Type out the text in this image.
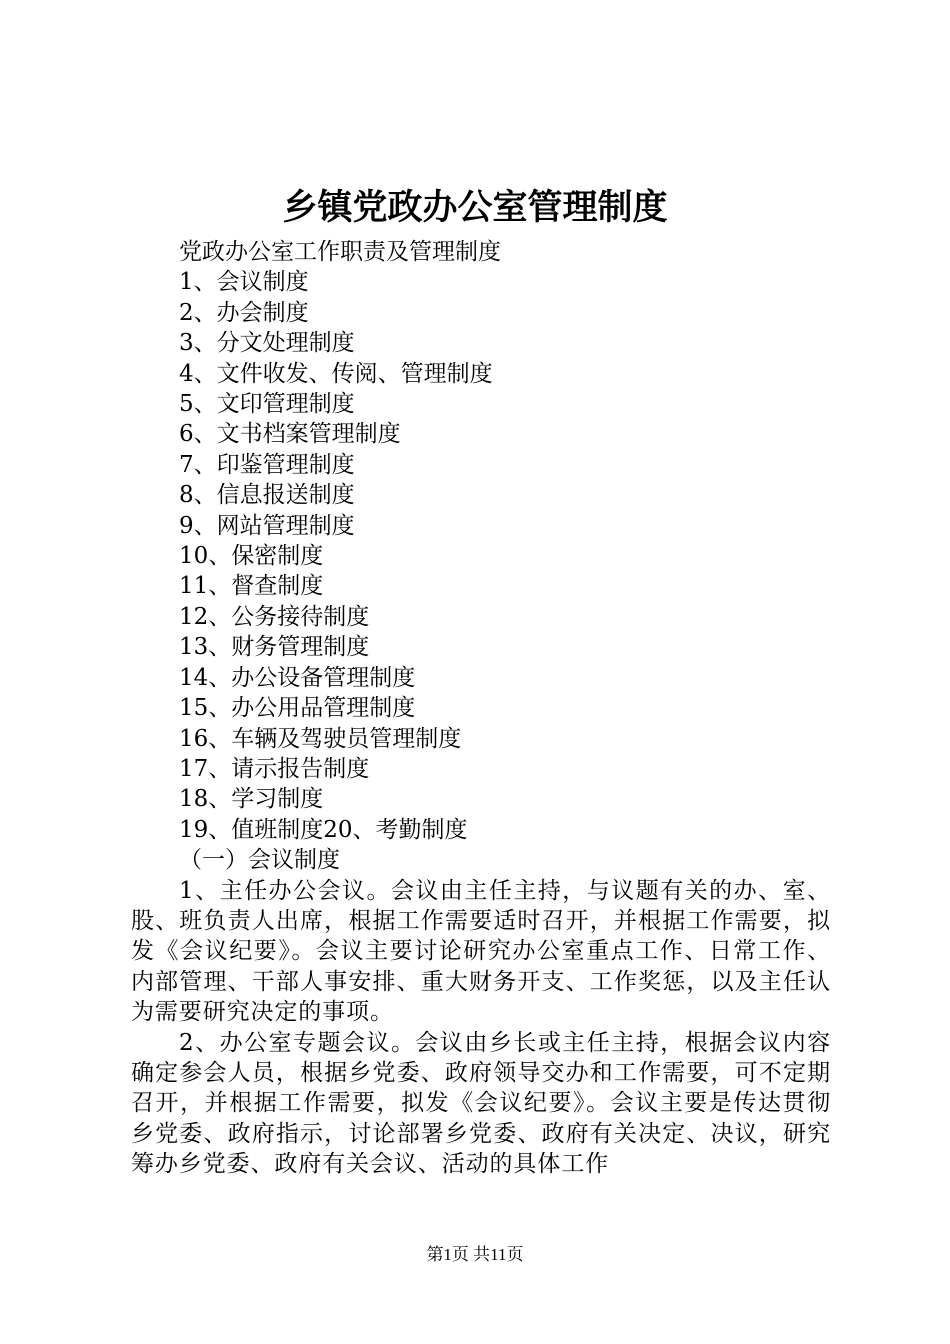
乡镇党政办公室管理制度

党政办公室工作职责及管理制度

1、会议制度

2、办会制度

3、分文处理制度

4、文件收发、传阅、管理制度

5、文印管理制度

6、文书档案管理制度

7、印鉴管理制度

8、信息报送制度

9、网站管理制度

10、保密制度

11、督查制度

12、公务接待制度

13、财务管理制度

14、办公设备管理制度

15、办公用品管理制度

16、车辆及驾驶员管理制度

17、请示报告制度

18、学习制度

19、值班制度20、考勤制度

（一）会议制度

1、主任办公会议。会议由主任主持，与议题有关的办、室、股、班负责人出席，根据工作需要适时召开，并根据工作需要，拟发《会议纪要》。会议主要讨论研究办公室重点工作、日常工作、内部管理、干部人事安排、重大财务开支、工作奖惩，以及主任认为需要研究决定的事项。

2、办公室专题会议。会议由乡长或主任主持，根据会议内容确定参会人员，根据乡党委、政府领导交办和工作需要，可不定期召开，并根据工作需要，拟发《会议纪要》。会议主要是传达贯彻乡党委、政府指示，讨论部署乡党委、政府有关决定、决议，研究筹办乡党委、政府有关会议、活动的具体工作

第1页 共11页
